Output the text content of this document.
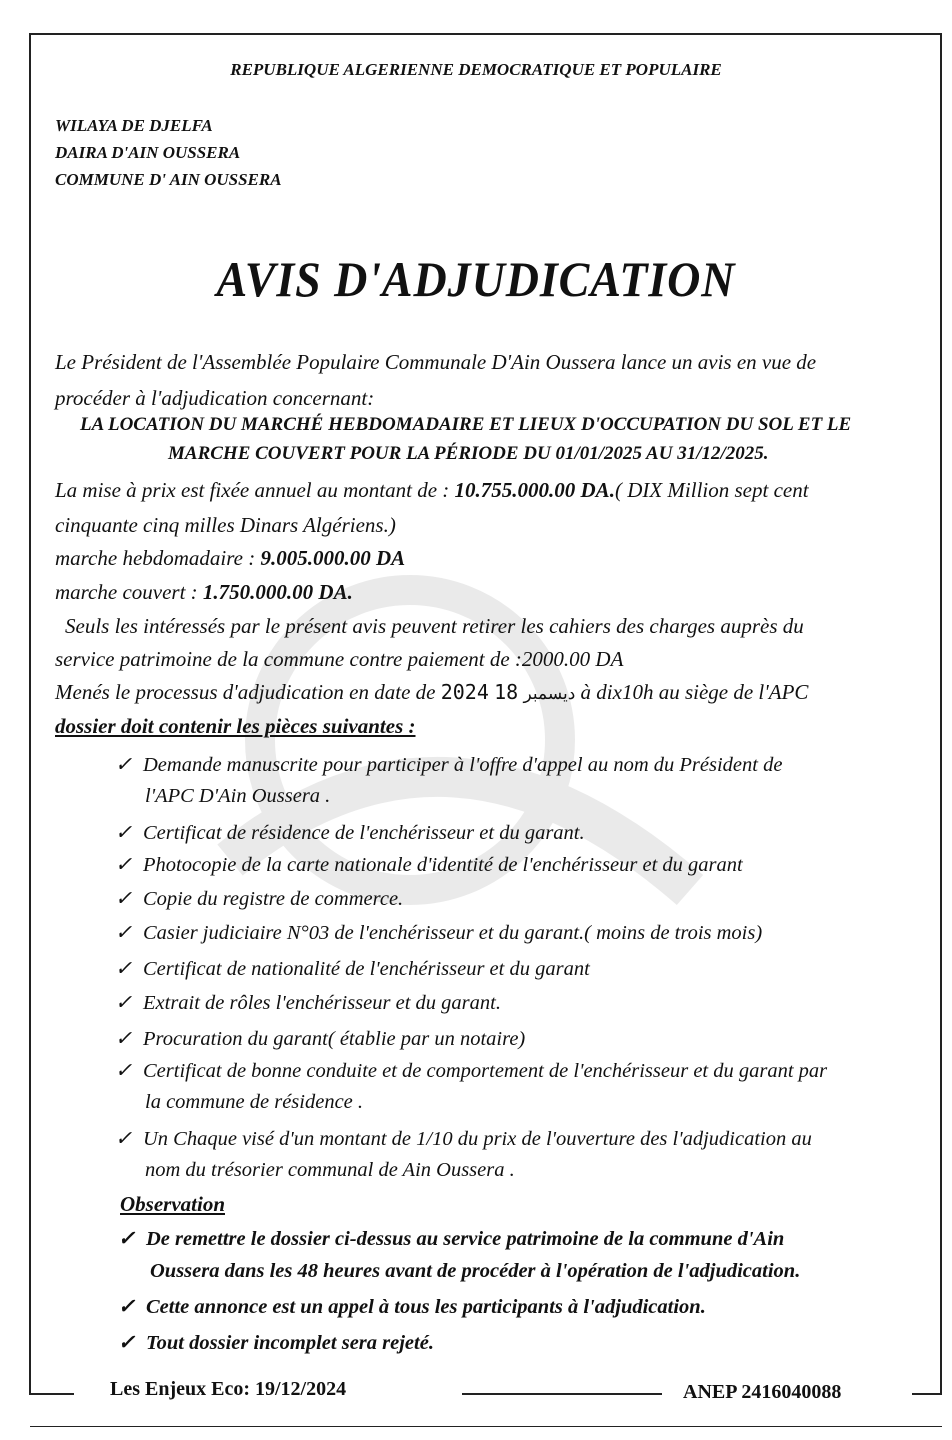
REPUBLIQUE ALGERIENNE DEMOCRATIQUE ET POPULAIRE
WILAYA DE DJELFA
DAIRA D'AIN OUSSERA
COMMUNE D' AIN OUSSERA
AVIS D'ADJUDICATION
Le Président de l'Assemblée Populaire Communale D'Ain Oussera lance un avis en vue de
procéder à l'adjudication concernant:
LA LOCATION DU MARCHÉ HEBDOMADAIRE ET LIEUX D'OCCUPATION DU SOL ET LE
MARCHE COUVERT POUR LA PÉRIODE DU 01/01/2025 AU 31/12/2025.
La mise à prix est fixée annuel au montant de : 10.755.000.00 DA.( DIX Million sept cent
cinquante cinq milles Dinars Algériens.)
marche hebdomadaire : 9.005.000.00 DA
marche couvert : 1.750.000.00 DA.
Seuls les intéressés par le présent avis peuvent retirer les cahiers des charges auprès du
service patrimoine de la commune contre paiement de :2000.00 DA
Menés le processus d'adjudication en date de 2024 ديسمبر 18	à dix10h au siège de l'APC
dossier doit contenir les pièces suivantes :
✓ Demande manuscrite pour participer à l'offre d'appel au nom du Président de
l'APC D'Ain Oussera .
✓ Certificat de résidence de l'enchérisseur et du garant.
✓ Photocopie de la carte nationale d'identité de l'enchérisseur et du garant
✓ Copie du registre de commerce.
✓ Casier judiciaire N°03 de l'enchérisseur et du garant.( moins de trois mois)
✓ Certificat de nationalité de l'enchérisseur et du garant
✓ Extrait de rôles l'enchérisseur et du garant.
✓ Procuration du garant( établie par un notaire)
✓ Certificat de bonne conduite et de comportement de l'enchérisseur et du garant par
la commune de résidence .
✓ Un Chaque visé d'un montant de 1/10 du prix de l'ouverture des l'adjudication au
nom du trésorier communal de Ain Oussera .
Observation
✓ De remettre le dossier ci-dessus au service patrimoine de la commune d'Ain
Oussera dans les 48 heures avant de procéder à l'opération de l'adjudication.
✓ Cette annonce est un appel à tous les participants à l'adjudication.
✓ Tout dossier incomplet sera rejeté.
Les Enjeux Eco: 19/12/2024	ANEP 2416040088
